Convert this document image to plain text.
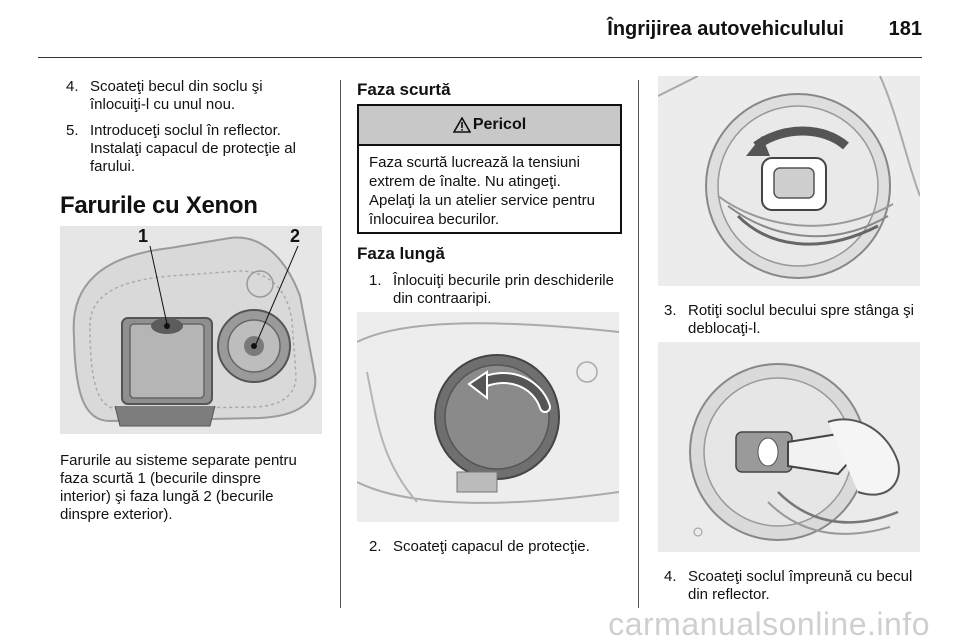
Îngrijirea autovehiculului 181
4. Scoateţi becul din soclu şi
înlocuiţi-l cu unul nou.
5. Introduceţi soclul în reflector.
Instalaţi capacul de protecţie al
farului.
Farurile cu Xenon
1	2
Farurile au sisteme separate pentru
faza scurtă 1 (becurile dinspre
interior) şi faza lungă 2 (becurile
dinspre exterior).
Faza scurtă
Pericol
Faza scurtă lucrează la tensiuni
extrem de înalte. Nu atingeţi.
Apelaţi la un atelier service pentru
înlocuirea becurilor.
Faza lungă
1. Înlocuiţi becurile prin deschiderile
din contraaripi.
2. Scoateţi capacul de protecţie.
3. Rotiţi soclul becului spre stânga şi
deblocaţi-l.
4. Scoateţi soclul împreună cu becul
din reflector.
carmanualsonline.info
